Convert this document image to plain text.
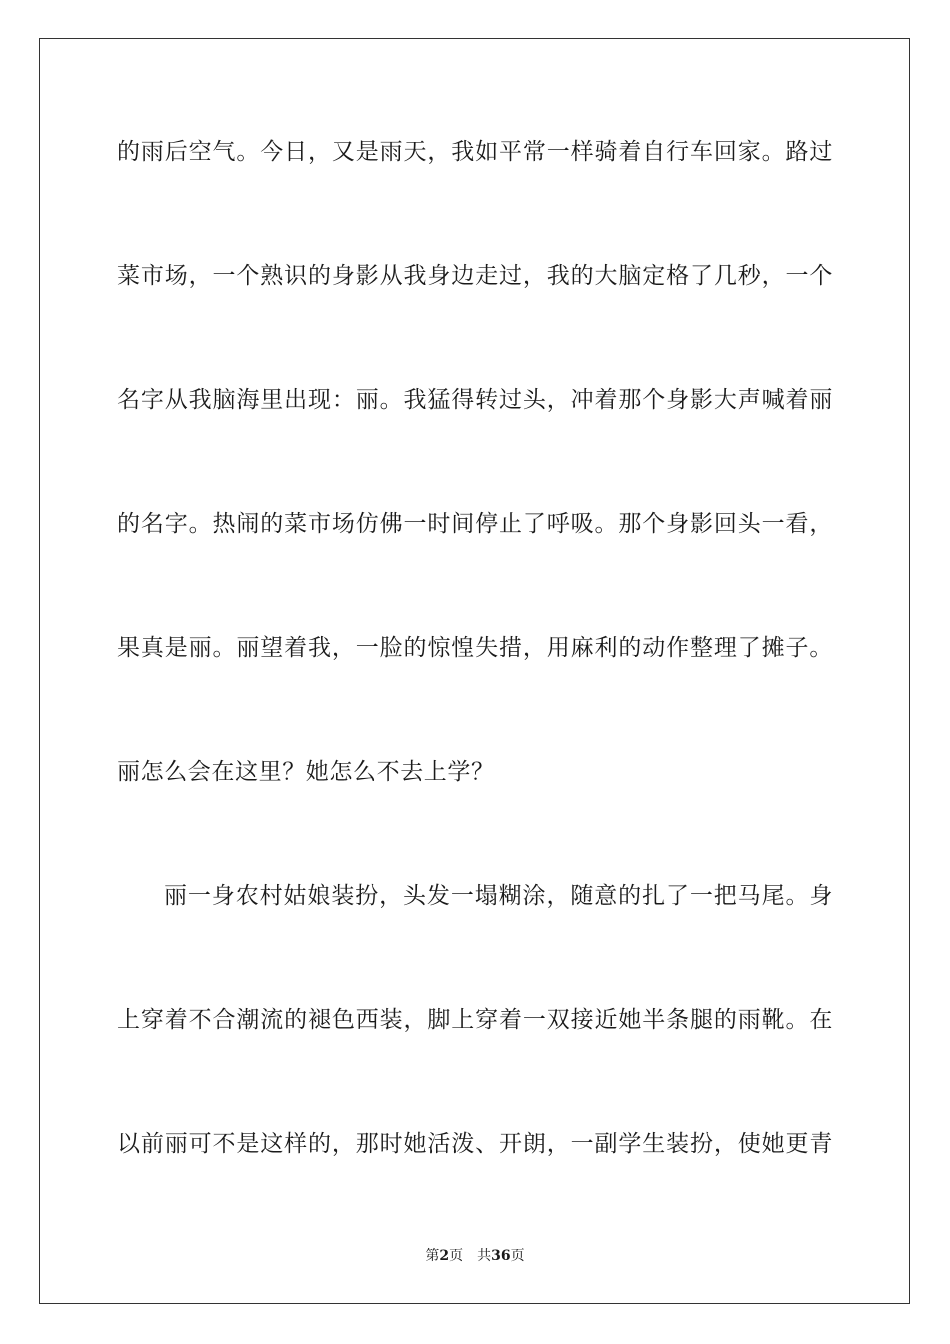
的雨后空气。今日，又是雨天，我如平常一样骑着自行车回家。路过
菜市场，一个熟识的身影从我身边走过，我的大脑定格了几秒，一个
名字从我脑海里出现：丽。我猛得转过头，冲着那个身影大声喊着丽
的名字。热闹的菜市场仿佛一时间停止了呼吸。那个身影回头一看，
果真是丽。丽望着我，一脸的惊惶失措，用麻利的动作整理了摊子。
丽怎么会在这里？她怎么不去上学？
丽一身农村姑娘装扮，头发一塌糊涂，随意的扎了一把马尾。身
上穿着不合潮流的褪色西装，脚上穿着一双接近她半条腿的雨靴。在
以前丽可不是这样的，那时她活泼、开朗，一副学生装扮，使她更青
第2页 共36页
